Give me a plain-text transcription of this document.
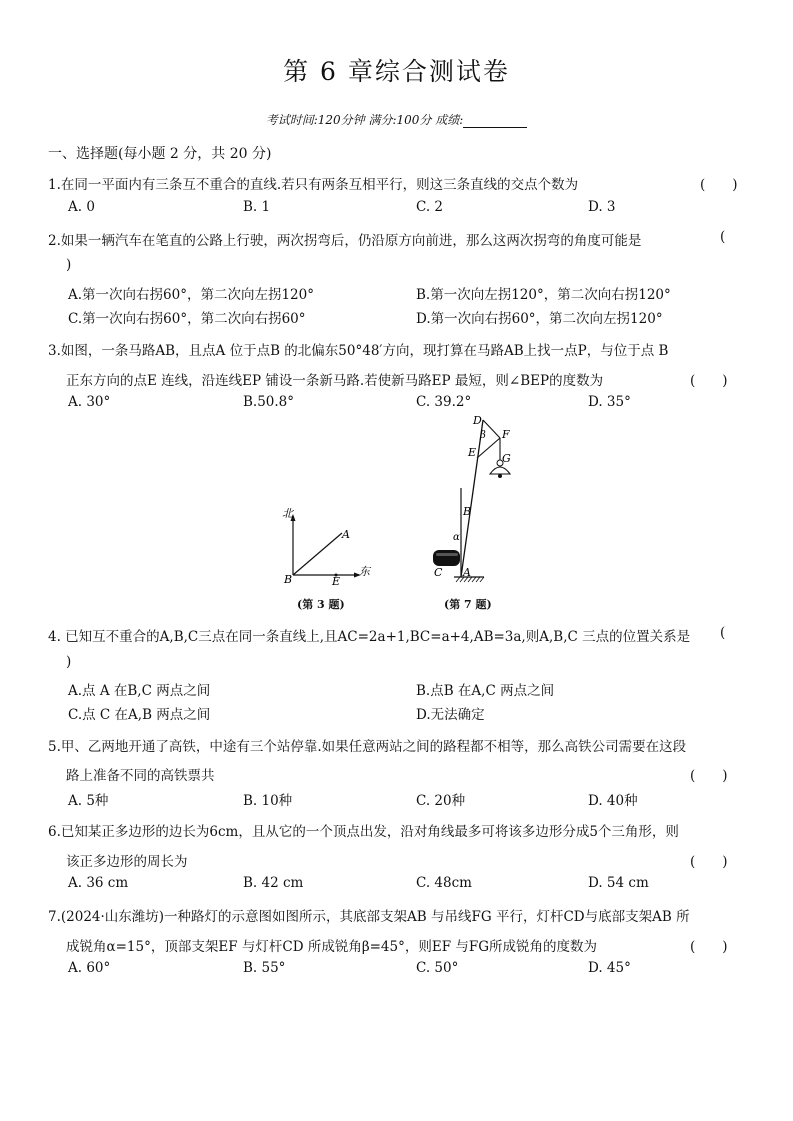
第 6 章综合测试卷
考试时间:120分钟 满分:100分 成绩:
一、选择题(每小题 2 分，共 20 分)
1.在同一平面内有三条互不重合的直线.若只有两条互相平行，则这三条直线的交点个数为	(　　)
A. 0	B. 1	C. 2	D. 3
2.如果一辆汽车在笔直的公路上行驶，两次拐弯后，仍沿原方向前进，那么这两次拐弯的角度可能是	(
)
A.第一次向右拐60°，第二次向左拐120°	B.第一次向左拐120°，第二次向右拐120°
C.第一次向右拐60°，第二次向右拐60°	D.第一次向右拐60°，第二次向左拐120°
3.如图，一条马路AB，且点A 位于点B 的北偏东50°48′方向，现打算在马路AB上找一点P，与位于点 B
正东方向的点E 连线，沿连线EP 铺设一条新马路.若使新马路EP 最短，则∠BEP的度数为	(　　)
A. 30°	B.50.8°	C. 39.2°	D. 35°
北
东
A
B	E
(第 3 题)
D
β F
E G
B
α
C A
(第 7 题)
4. 已知互不重合的A,B,C三点在同一条直线上,且AC=2a+1,BC=a+4,AB=3a,则A,B,C 三点的位置关系是 (
)
A.点 A 在B,C 两点之间	B.点B 在A,C 两点之间
C.点 C 在A,B 两点之间	D.无法确定
5.甲、乙两地开通了高铁，中途有三个站停靠.如果任意两站之间的路程都不相等，那么高铁公司需要在这段
路上准备不同的高铁票共	(　　)
A. 5种	B. 10种	C. 20种	D. 40种
6.已知某正多边形的边长为6cm，且从它的一个顶点出发，沿对角线最多可将该多边形分成5个三角形，则
该正多边形的周长为	(　　)
A. 36 cm	B. 42 cm	C. 48cm	D. 54 cm
7.(2024·山东潍坊)一种路灯的示意图如图所示，其底部支架AB 与吊线FG 平行，灯杆CD与底部支架AB 所
成锐角α=15°，顶部支架EF 与灯杆CD 所成锐角β=45°，则EF 与FG所成锐角的度数为	(　　)
A. 60°	B. 55°	C. 50°	D. 45°
